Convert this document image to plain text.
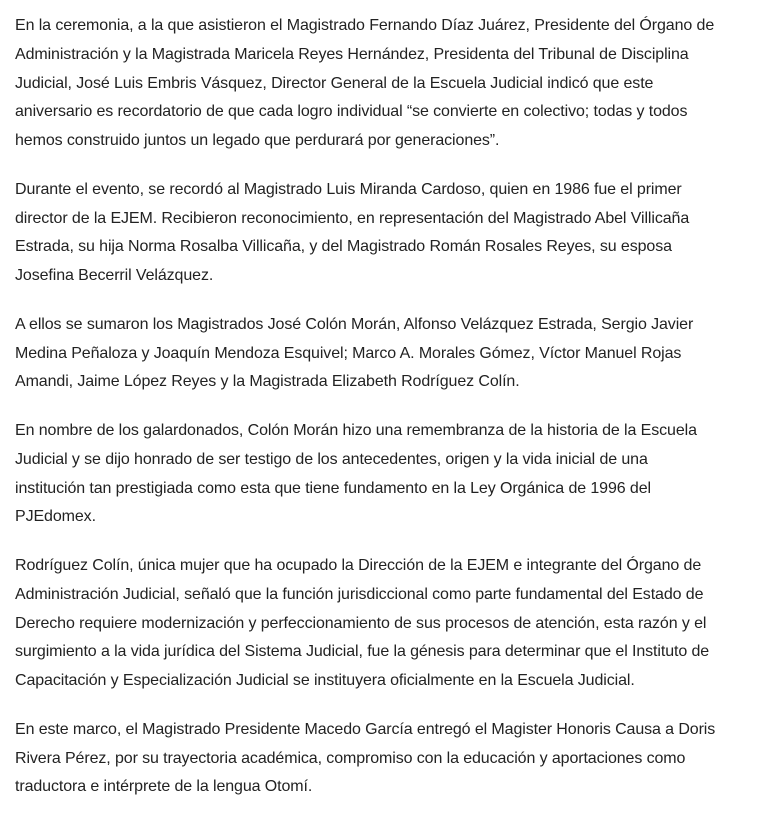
En la ceremonia, a la que asistieron el Magistrado Fernando Díaz Juárez, Presidente del Órgano de
Administración y la Magistrada Maricela Reyes Hernández, Presidenta del Tribunal de Disciplina
Judicial, José Luis Embris Vásquez, Director General de la Escuela Judicial indicó que este
aniversario es recordatorio de que cada logro individual “se convierte en colectivo; todas y todos
hemos construido juntos un legado que perdurará por generaciones”.

Durante el evento, se recordó al Magistrado Luis Miranda Cardoso, quien en 1986 fue el primer
director de la EJEM. Recibieron reconocimiento, en representación del Magistrado Abel Villicaña
Estrada, su hija Norma Rosalba Villicaña, y del Magistrado Román Rosales Reyes, su esposa
Josefina Becerril Velázquez.

A ellos se sumaron los Magistrados José Colón Morán, Alfonso Velázquez Estrada, Sergio Javier
Medina Peñaloza y Joaquín Mendoza Esquivel; Marco A. Morales Gómez, Víctor Manuel Rojas
Amandi, Jaime López Reyes y la Magistrada Elizabeth Rodríguez Colín.

En nombre de los galardonados, Colón Morán hizo una remembranza de la historia de la Escuela
Judicial y se dijo honrado de ser testigo de los antecedentes, origen y la vida inicial de una
institución tan prestigiada como esta que tiene fundamento en la Ley Orgánica de 1996 del
PJEdomex.

Rodríguez Colín, única mujer que ha ocupado la Dirección de la EJEM e integrante del Órgano de
Administración Judicial, señaló que la función jurisdiccional como parte fundamental del Estado de
Derecho requiere modernización y perfeccionamiento de sus procesos de atención, esta razón y el
surgimiento a la vida jurídica del Sistema Judicial, fue la génesis para determinar que el Instituto de
Capacitación y Especialización Judicial se instituyera oficialmente en la Escuela Judicial.

En este marco, el Magistrado Presidente Macedo García entregó el Magister Honoris Causa a Doris
Rivera Pérez, por su trayectoria académica, compromiso con la educación y aportaciones como
traductora e intérprete de la lengua Otomí.
